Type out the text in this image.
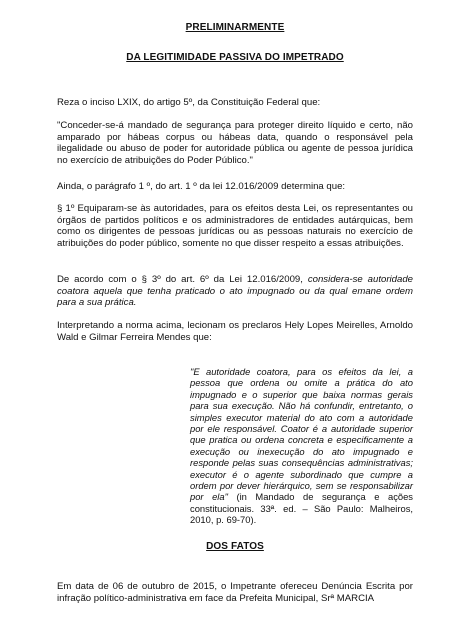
PRELIMINARMENTE
DA LEGITIMIDADE PASSIVA DO IMPETRADO

Reza o inciso LXIX, do artigo 5º, da Constituição Federal que:

"Conceder-se-á mandado de segurança para proteger direito líquido e certo, não amparado por hábeas corpus ou hábeas data, quando o responsável pela ilegalidade ou abuso de poder for autoridade pública ou agente de pessoa jurídica no exercício de atribuições do Poder Público."

Ainda, o parágrafo 1 º, do art. 1 º da lei 12.016/2009 determina que:

§ 1º Equiparam-se às autoridades, para os efeitos desta Lei, os representantes ou órgãos de partidos políticos e os administradores de entidades autárquicas, bem como os dirigentes de pessoas jurídicas ou as pessoas naturais no exercício de atribuições do poder público, somente no que disser respeito a essas atribuições.

De acordo com o § 3º do art. 6º da Lei 12.016/2009, considera-se autoridade coatora aquela que tenha praticado o ato impugnado ou da qual emane ordem para a sua prática.

Interpretando a norma acima, lecionam os preclaros Hely Lopes Meirelles, Arnoldo Wald e Gilmar Ferreira Mendes que:

"E autoridade coatora, para os efeitos da lei, a pessoa que ordena ou omite a prática do ato impugnado e o superior que baixa normas gerais para sua execução. Não há confundir, entretanto, o simples executor material do ato com a autoridade por ele responsável. Coator é a autoridade superior que pratica ou ordena concreta e especificamente a execução ou inexecução do ato impugnado e responde pelas suas consequências administrativas; executor é o agente subordinado que cumpre a ordem por dever hierárquico, sem se responsabilizar por ela" (in Mandado de segurança e ações constitucionais. 33ª. ed. – São Paulo: Malheiros, 2010, p. 69-70).

DOS FATOS

Em data de 06 de outubro de 2015, o Impetrante ofereceu Denúncia Escrita por infração político-administrativa em face da Prefeita Municipal, Srª MARCIA
